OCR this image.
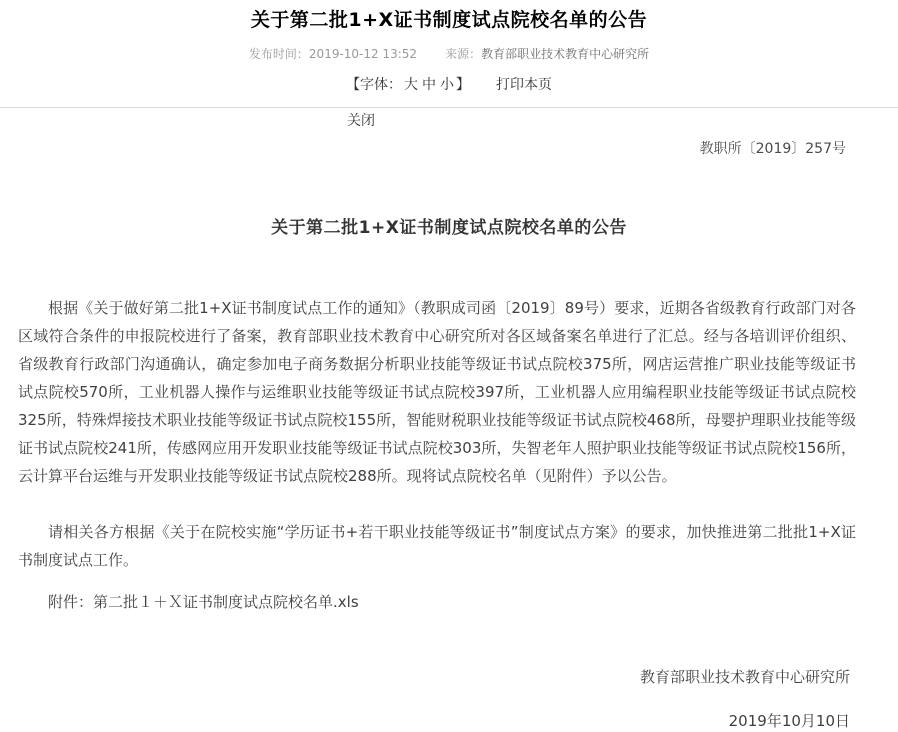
关于第二批1+X证书制度试点院校名单的公告
发布时间：2019-10-12 13:52 来源：教育部职业技术教育中心研究所
【字体： 大 中 小 】 打印本页
关闭
教职所〔2019〕257号
关于第二批1+X证书制度试点院校名单的公告

根据《关于做好第二批1+X证书制度试点工作的通知》（教职成司函〔2019〕89号）要求，近期各省级教育行政部门对各区域符合条件的申报院校进行了备案，教育部职业技术教育中心研究所对各区域备案名单进行了汇总。经与各培训评价组织、省级教育行政部门沟通确认，确定参加电子商务数据分析职业技能等级证书试点院校375所，网店运营推广职业技能等级证书试点院校570所，工业机器人操作与运维职业技能等级证书试点院校397所，工业机器人应用编程职业技能等级证书试点院校325所，特殊焊接技术职业技能等级证书试点院校155所，智能财税职业技能等级证书试点院校468所，母婴护理职业技能等级证书试点院校241所，传感网应用开发职业技能等级证书试点院校303所，失智老年人照护职业技能等级证书试点院校156所，云计算平台运维与开发职业技能等级证书试点院校288所。现将试点院校名单（见附件）予以公告。

请相关各方根据《关于在院校实施“学历证书+若干职业技能等级证书”制度试点方案》的要求，加快推进第二批批1+X证书制度试点工作。

附件：第二批１＋Ｘ证书制度试点院校名单.xls
教育部职业技术教育中心研究所
2019年10月10日
